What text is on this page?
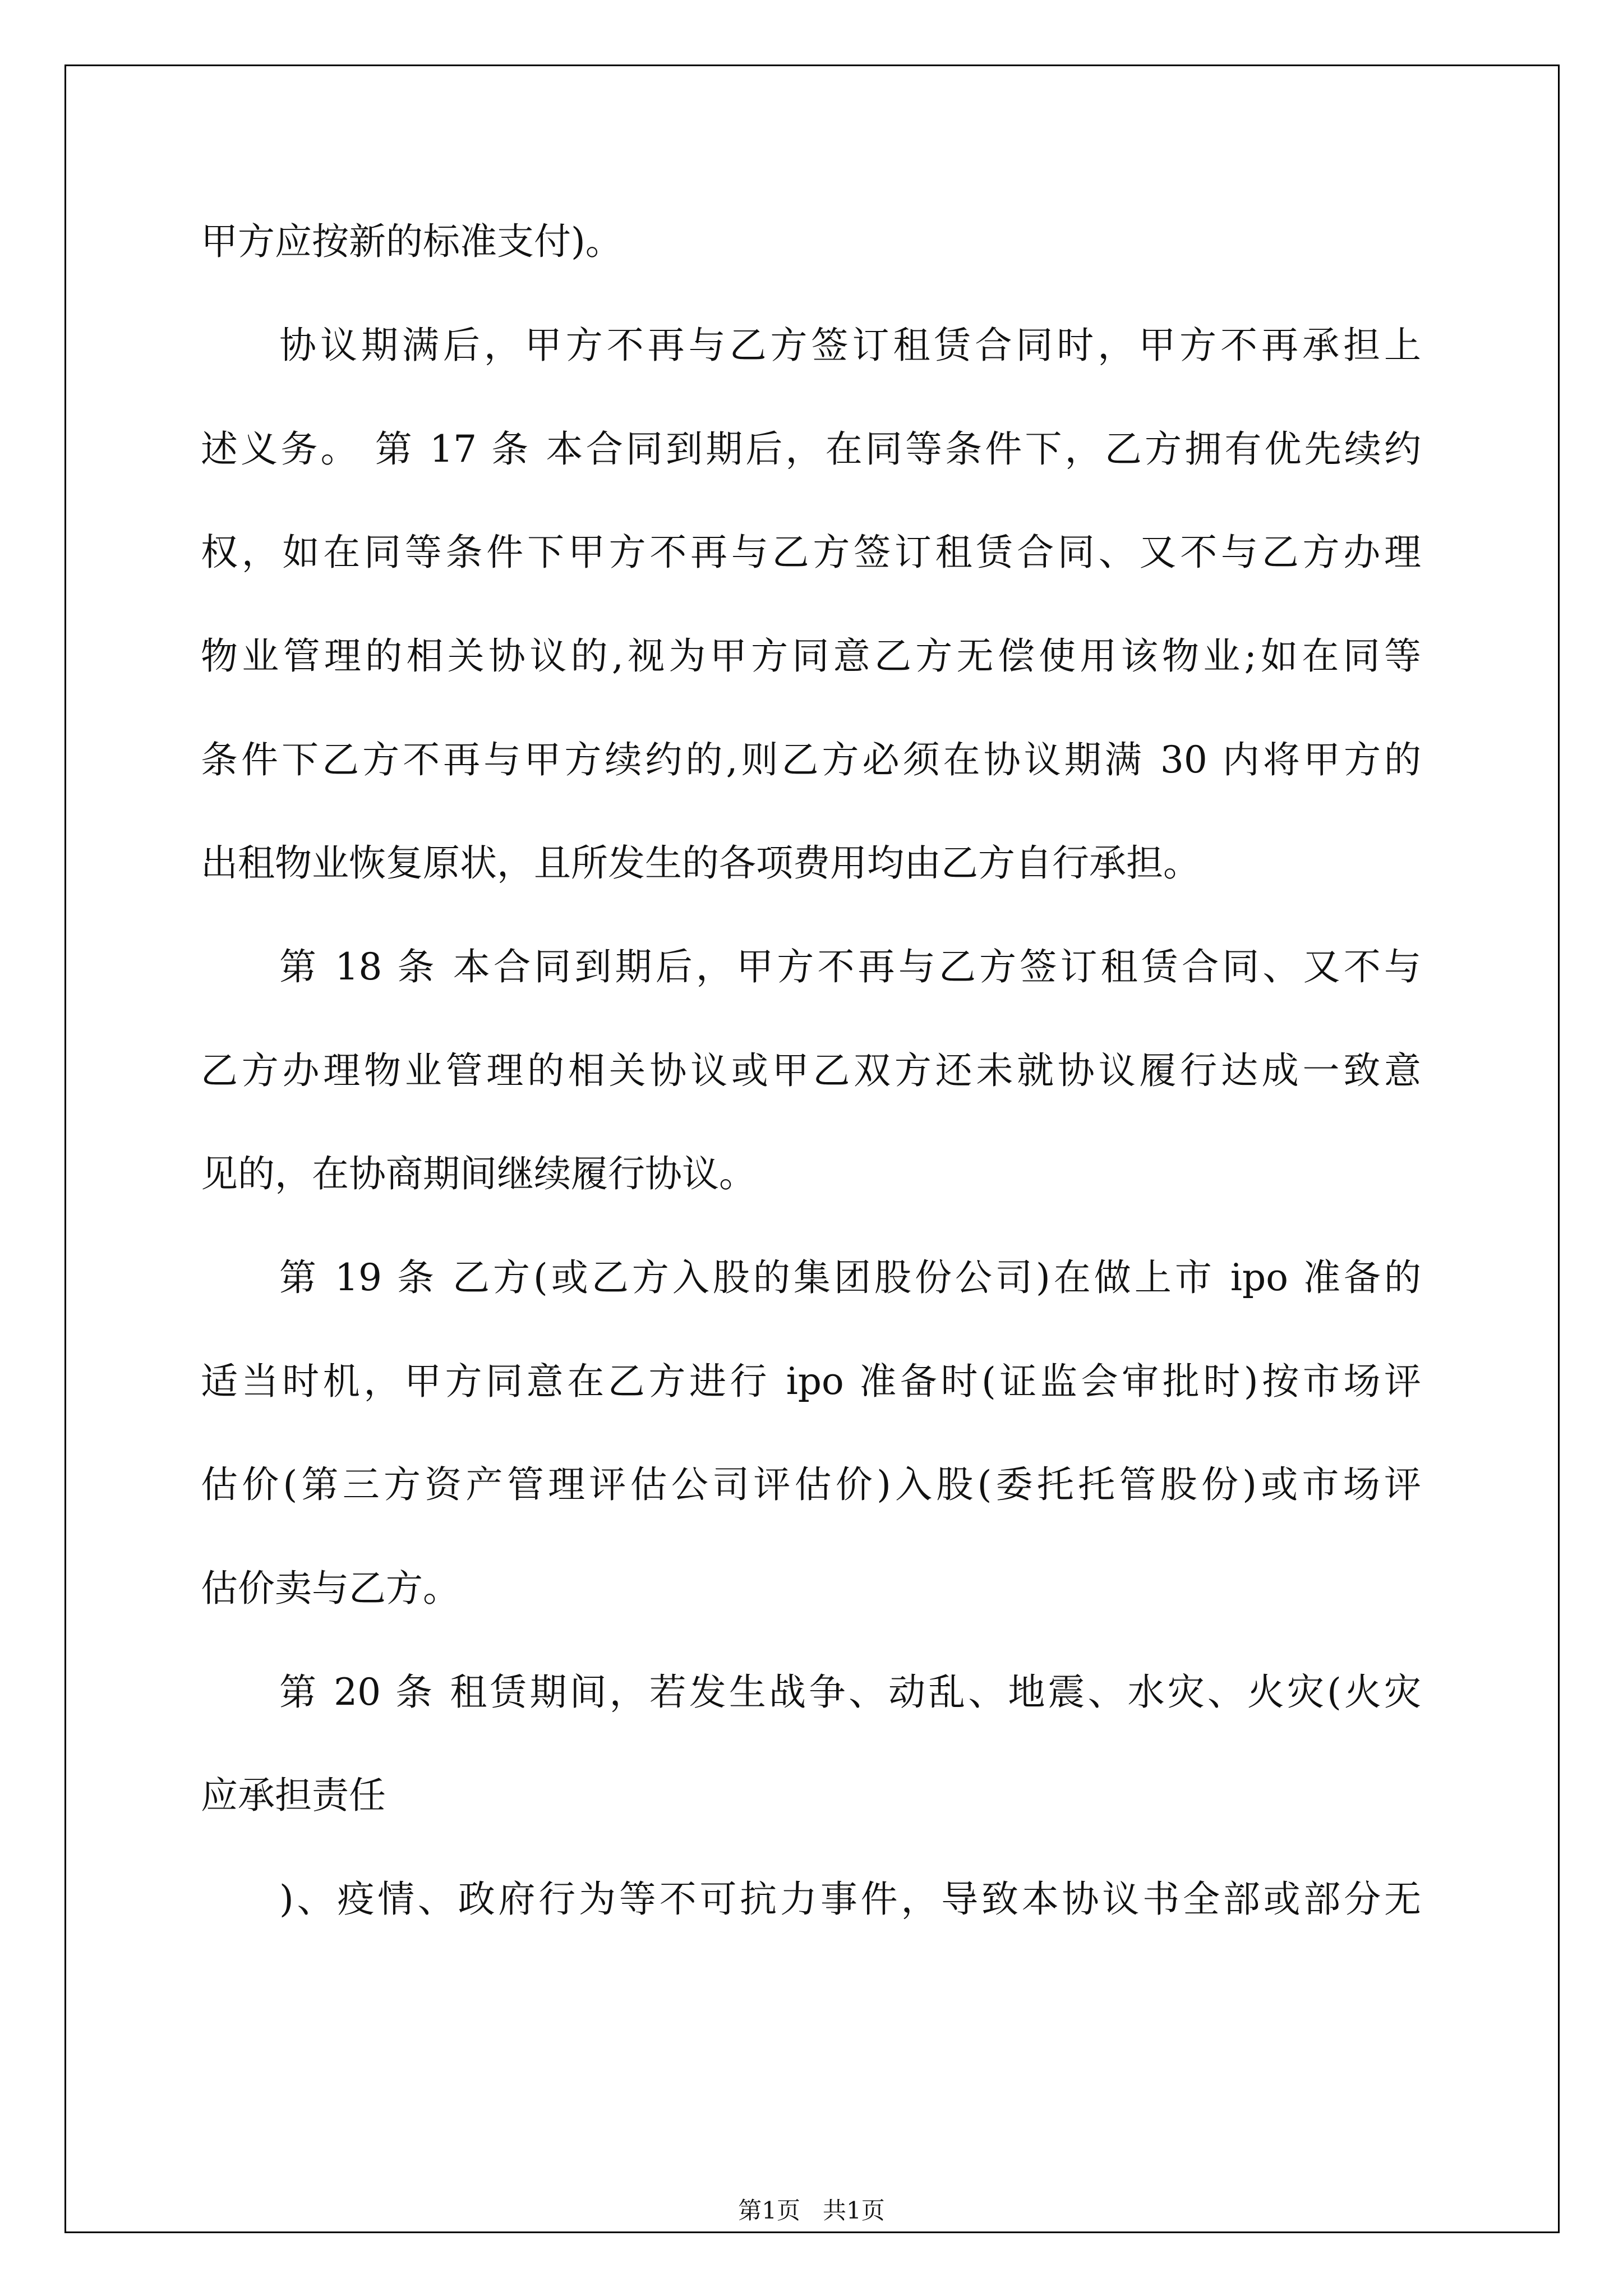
甲方应按新的标准支付)。

协议期满后，甲方不再与乙方签订租赁合同时，甲方不再承担上

述义务。 第 17 条 本合同到期后，在同等条件下，乙方拥有优先续约

权，如在同等条件下甲方不再与乙方签订租赁合同、又不与乙方办理

物业管理的相关协议的,视为甲方同意乙方无偿使用该物业;如在同等

条件下乙方不再与甲方续约的,则乙方必须在协议期满 30 内将甲方的

出租物业恢复原状，且所发生的各项费用均由乙方自行承担。

第 18 条 本合同到期后，甲方不再与乙方签订租赁合同、又不与

乙方办理物业管理的相关协议或甲乙双方还未就协议履行达成一致意

见的，在协商期间继续履行协议。

第 19 条 乙方(或乙方入股的集团股份公司)在做上市 ipo 准备的

适当时机，甲方同意在乙方进行 ipo 准备时(证监会审批时)按市场评

估价(第三方资产管理评估公司评估价)入股(委托托管股份)或市场评

估价卖与乙方。

第 20 条 租赁期间，若发生战争、动乱、地震、水灾、火灾(火灾

应承担责任

)、疫情、政府行为等不可抗力事件，导致本协议书全部或部分无

第1页   共1页
